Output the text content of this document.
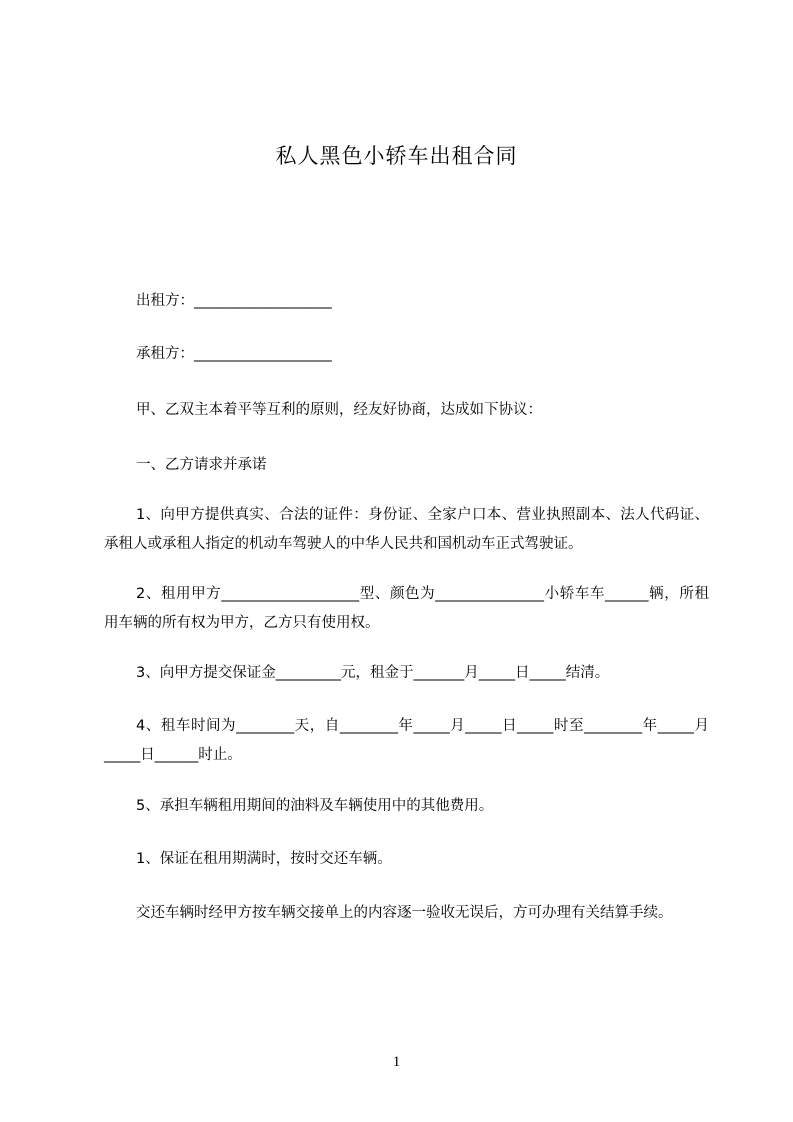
私人黑色小轿车出租合同
出租方：___________________
承租方：___________________
甲、乙双主本着平等互利的原则，经友好协商，达成如下协议：
一、乙方请求并承诺
1、向甲方提供真实、合法的证件：身份证、全家户口本、营业执照副本、法人代码证、承租人或承租人指定的机动车驾驶人的中华人民共和国机动车正式驾驶证。
2、租用甲方___________________型、颜色为_______________小轿车车______辆，所租用车辆的所有权为甲方，乙方只有使用权。
3、向甲方提交保证金_________元，租金于_______月_____日_____结清。
4、租车时间为________天，自________年_____月_____日_____时至________年_____月_____日______时止。
5、承担车辆租用期间的油料及车辆使用中的其他费用。
1、保证在租用期满时，按时交还车辆。
交还车辆时经甲方按车辆交接单上的内容逐一验收无误后，方可办理有关结算手续。
1
